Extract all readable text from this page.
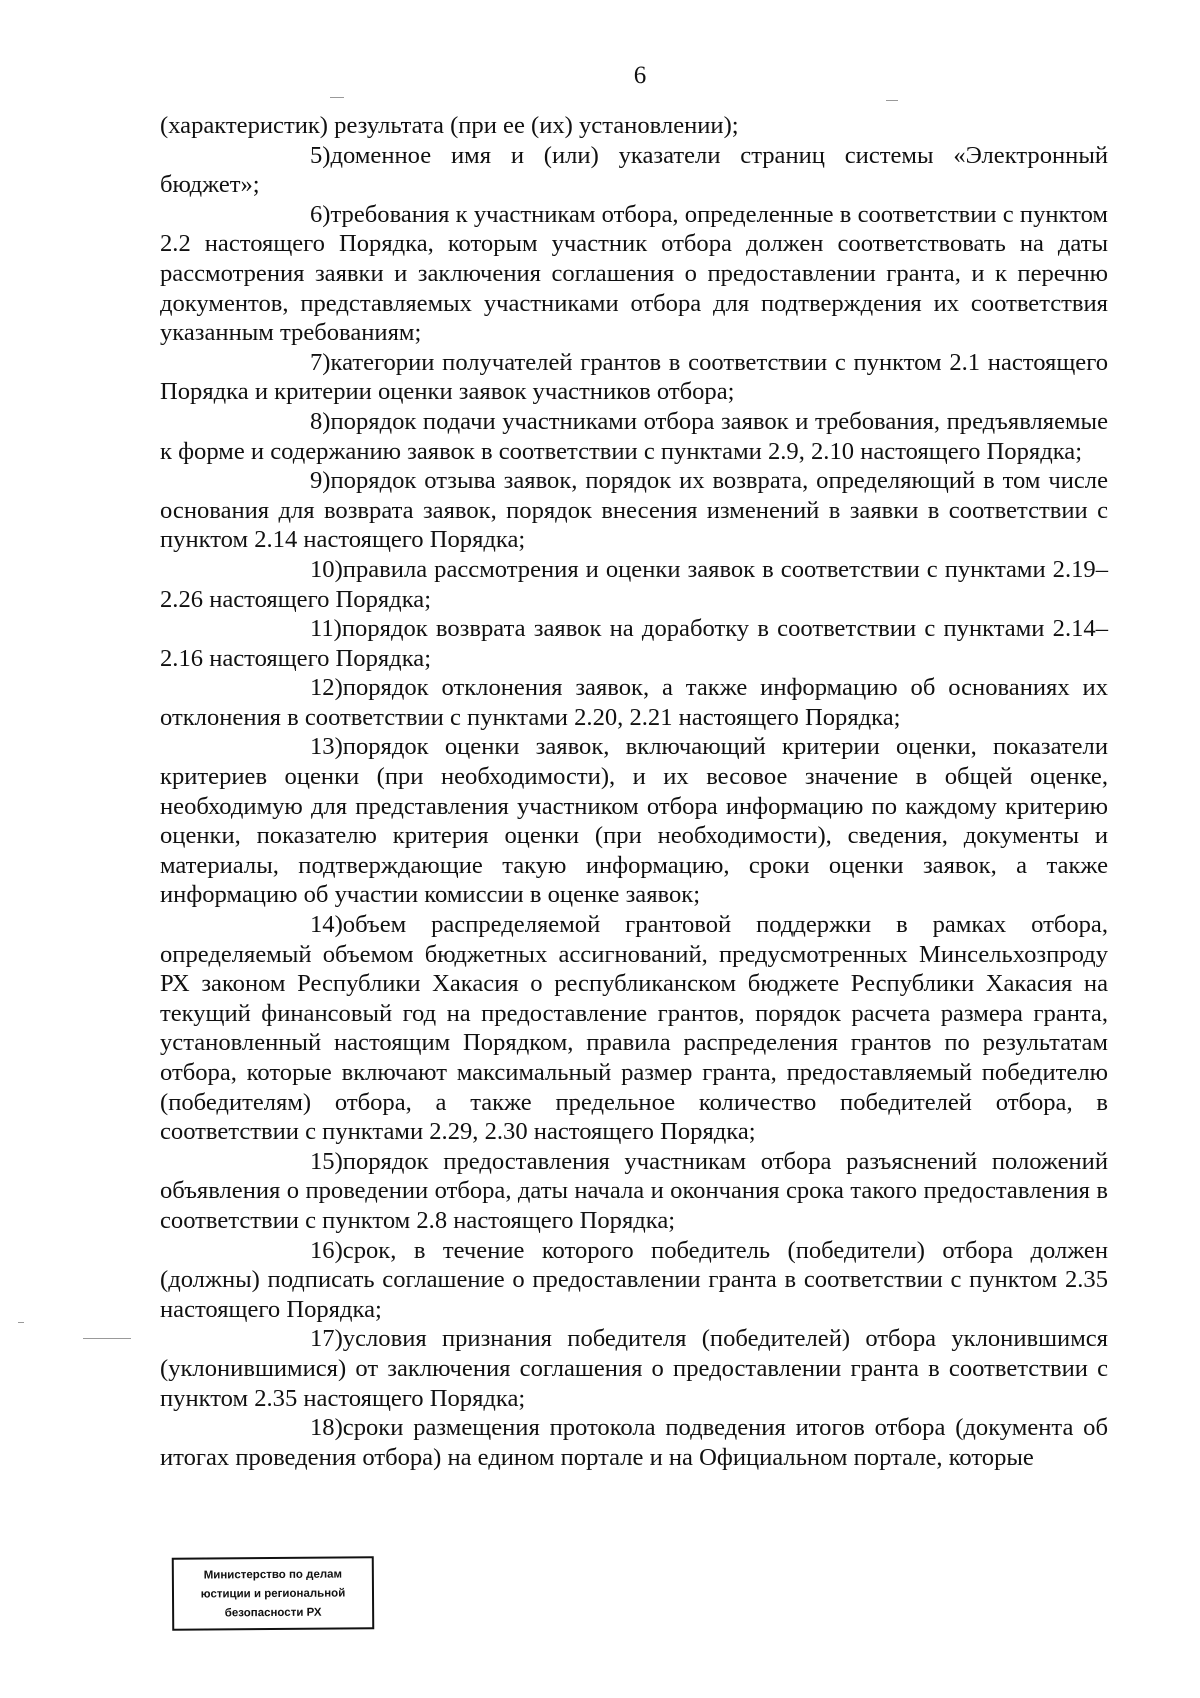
6

(характеристик) результата (при ее (их) установлении);

5)доменное имя и (или) указатели страниц системы «Электронный бюджет»;

6)требования к участникам отбора, определенные в соответствии с пунктом 2.2 настоящего Порядка, которым участник отбора должен соответствовать на даты рассмотрения заявки и заключения соглашения о предоставлении гранта, и к перечню документов, представляемых участниками отбора для подтверждения их соответствия указанным требованиям;

7)категории получателей грантов в соответствии с пунктом 2.1 настоящего Порядка и критерии оценки заявок участников отбора;

8)порядок подачи участниками отбора заявок и требования, предъявляемые к форме и содержанию заявок в соответствии с пунктами 2.9, 2.10 настоящего Порядка;

9)порядок отзыва заявок, порядок их возврата, определяющий в том числе основания для возврата заявок, порядок внесения изменений в заявки в соответствии с пунктом 2.14 настоящего Порядка;

10)правила рассмотрения и оценки заявок в соответствии с пунктами 2.19–2.26 настоящего Порядка;

11)порядок возврата заявок на доработку в соответствии с пунктами 2.14–2.16 настоящего Порядка;

12)порядок отклонения заявок, а также информацию об основаниях их отклонения в соответствии с пунктами 2.20, 2.21 настоящего Порядка;

13)порядок оценки заявок, включающий критерии оценки, показатели критериев оценки (при необходимости), и их весовое значение в общей оценке, необходимую для представления участником отбора информацию по каждому критерию оценки, показателю критерия оценки (при необходимости), сведения, документы и материалы, подтверждающие такую информацию, сроки оценки заявок, а также информацию об участии комиссии в оценке заявок;

14)объем распределяемой грантовой поддержки в рамках отбора, определяемый объемом бюджетных ассигнований, предусмотренных Минсельхозпроду РХ законом Республики Хакасия о республиканском бюджете Республики Хакасия на текущий финансовый год на предоставление грантов, порядок расчета размера гранта, установленный настоящим Порядком, правила распределения грантов по результатам отбора, которые включают максимальный размер гранта, предоставляемый победителю (победителям) отбора, а также предельное количество победителей отбора, в соответствии с пунктами 2.29, 2.30 настоящего Порядка;

15)порядок предоставления участникам отбора разъяснений положений объявления о проведении отбора, даты начала и окончания срока такого предоставления в соответствии с пунктом 2.8 настоящего Порядка;

16)срок, в течение которого победитель (победители) отбора должен (должны) подписать соглашение о предоставлении гранта в соответствии с пунктом 2.35 настоящего Порядка;

17)условия признания победителя (победителей) отбора уклонившимся (уклонившимися) от заключения соглашения о предоставлении гранта в соответствии с пунктом 2.35 настоящего Порядка;

18)сроки размещения протокола подведения итогов отбора (документа об итогах проведения отбора) на едином портале и на Официальном портале, которые

Министерство по делам
юстиции и региональной
безопасности РХ
